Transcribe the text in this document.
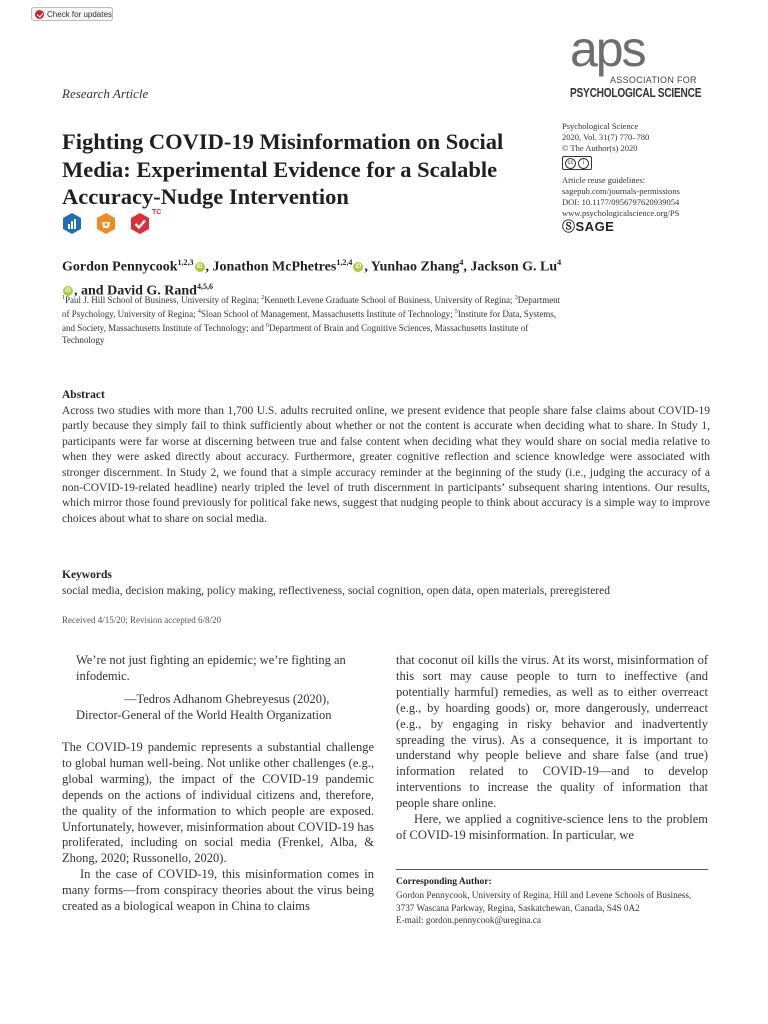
Check for updates
aps
ASSOCIATION FOR
PSYCHOLOGICAL SCIENCE
Research Article
Fighting COVID-19 Misinformation on Social Media: Experimental Evidence for a Scalable Accuracy-Nudge Intervention
Psychological Science
2020, Vol. 31(7) 770–780
© The Author(s) 2020
cc	i
Article reuse guidelines:
sagepub.com/journals-permissions
DOI: 10.1177/0956797620939054
www.psychologicalscience.org/PS
ⓈSAGE
TC
Gordon Pennycook$^{1,2,3}$iD , Jonathon McPhetres$^{1,2,4}$iD , Yunhao Zhang$^4$, Jackson G. Lu$^4$iD , and David G. Rand$^{4,5,6}$
$^1$Paul J. Hill School of Business, University of Regina; $^2$Kenneth Levene Graduate School of Business, University of Regina; $^3$Department of Psychology, University of Regina; $^4$Sloan School of Management, Massachusetts Institute of Technology; $^5$Institute for Data, Systems, and Society, Massachusetts Institute of Technology; and $^6$Department of Brain and Cognitive Sciences, Massachusetts Institute of Technology
Abstract
Across two studies with more than 1,700 U.S. adults recruited online, we present evidence that people share false claims about COVID-19 partly because they simply fail to think sufficiently about whether or not the content is accurate when deciding what to share. In Study 1, participants were far worse at discerning between true and false content when deciding what they would share on social media relative to when they were asked directly about accuracy. Furthermore, greater cognitive reflection and science knowledge were associated with stronger discernment. In Study 2, we found that a simple accuracy reminder at the beginning of the study (i.e., judging the accuracy of a non-COVID-19-related headline) nearly tripled the level of truth discernment in participants’ subsequent sharing intentions. Our results, which mirror those found previously for political fake news, suggest that nudging people to think about accuracy is a simple way to improve choices about what to share on social media.
Keywords
social media, decision making, policy making, reflectiveness, social cognition, open data, open materials, preregistered
Received 4/15/20; Revision accepted 6/8/20
We’re not just fighting an epidemic; we’re fighting an infodemic.
—Tedros Adhanom Ghebreyesus (2020),
Director-General of the World Health Organization

The COVID-19 pandemic represents a substantial challenge to global human well-being. Not unlike other challenges (e.g., global warming), the impact of the COVID-19 pandemic depends on the actions of individual citizens and, therefore, the quality of the information to which people are exposed. Unfortunately, however, misinformation about COVID-19 has proliferated, including on social media (Frenkel, Alba, & Zhong, 2020; Russonello, 2020).

In the case of COVID-19, this misinformation comes in many forms—from conspiracy theories about the virus being created as a biological weapon in China to claims

that coconut oil kills the virus. At its worst, misinformation of this sort may cause people to turn to ineffective (and potentially harmful) remedies, as well as to either overreact (e.g., by hoarding goods) or, more dangerously, underreact (e.g., by engaging in risky behavior and inadvertently spreading the virus). As a consequence, it is important to understand why people believe and share false (and true) information related to COVID-19—and to develop interventions to increase the quality of information that people share online.

Here, we applied a cognitive-science lens to the problem of COVID-19 misinformation. In particular, we

Corresponding Author:
Gordon Pennycook, University of Regina, Hill and Levene Schools of Business, 3737 Wascana Parkway, Regina, Saskatchewan, Canada, S4S 0A2
E-mail: gordon.pennycook@uregina.ca
